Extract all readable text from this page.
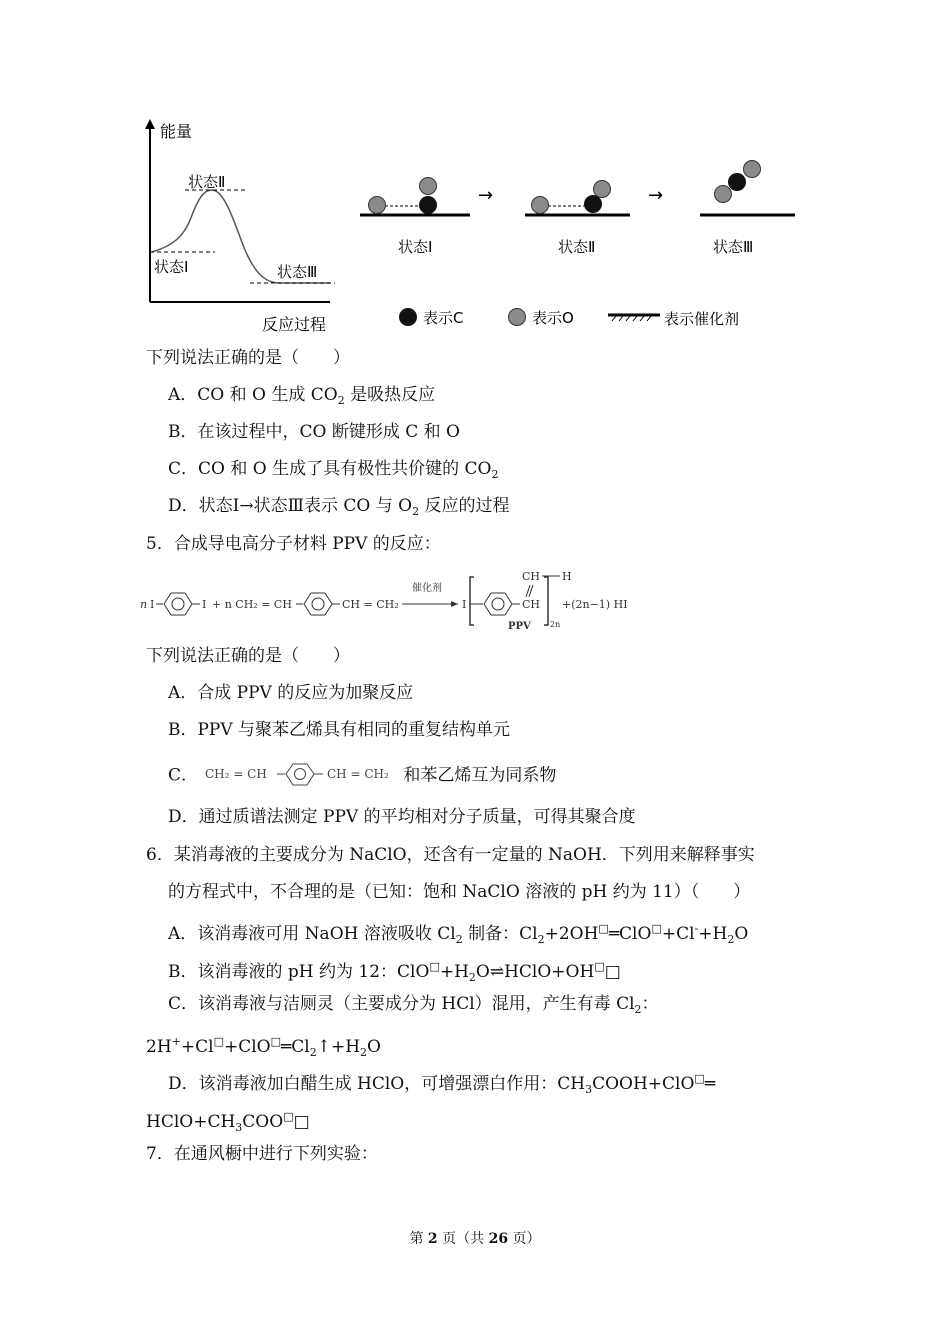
能量
反应过程
状态Ⅰ
状态Ⅱ
状态Ⅲ
状态Ⅰ
→
状态Ⅱ
→
状态Ⅲ
表示C	表示O	表示催化剂
下列说法正确的是（　　）
A．CO 和 O 生成 $CO_2$ 是吸热反应
B．在该过程中，CO 断键形成 C 和 O
C．CO 和 O 生成了具有极性共价键的 $CO_2$
D．状态Ⅰ→状态Ⅲ表示 CO 与 $O_2$ 反应的过程
5．合成导电高分子材料 PPV 的反应：
n I	I + n CH₂ = CH	CH = CH₂
催化剂
I	CH
CH H
2n
+(2n−1) HI
PPV
下列说法正确的是（　　）
A．合成 PPV 的反应为加聚反应
B．PPV 与聚苯乙烯具有相同的重复结构单元
C． CH₂ = CH	CH = CH₂ 和苯乙烯互为同系物
D．通过质谱法测定 PPV 的平均相对分子质量，可得其聚合度
6．某消毒液的主要成分为 NaClO，还含有一定量的 NaOH．下列用来解释事实
的方程式中，不合理的是（已知：饱和 NaClO 溶液的 pH 约为 11）（　　）
A．该消毒液可用 NaOH 溶液吸收 $Cl_2$ 制备：$Cl_2+2OH^□═ClO^□+Cl^-+H_2O$
B．该消毒液的 pH 约为 12：$ClO^□+H_2O\rightleftharpoons HClO+OH^□□$
C．该消毒液与洁厕灵（主要成分为 HCl）混用，产生有毒 $Cl_2$：
$2H^++Cl^□+ClO^□═Cl_2↑+H_2O$
D．该消毒液加白醋生成 HClO，可增强漂白作用：$CH_3COOH+ClO^□═$
$HClO+CH_3COO^□□$
7．在通风橱中进行下列实验：
第 2 页（共 26 页）
